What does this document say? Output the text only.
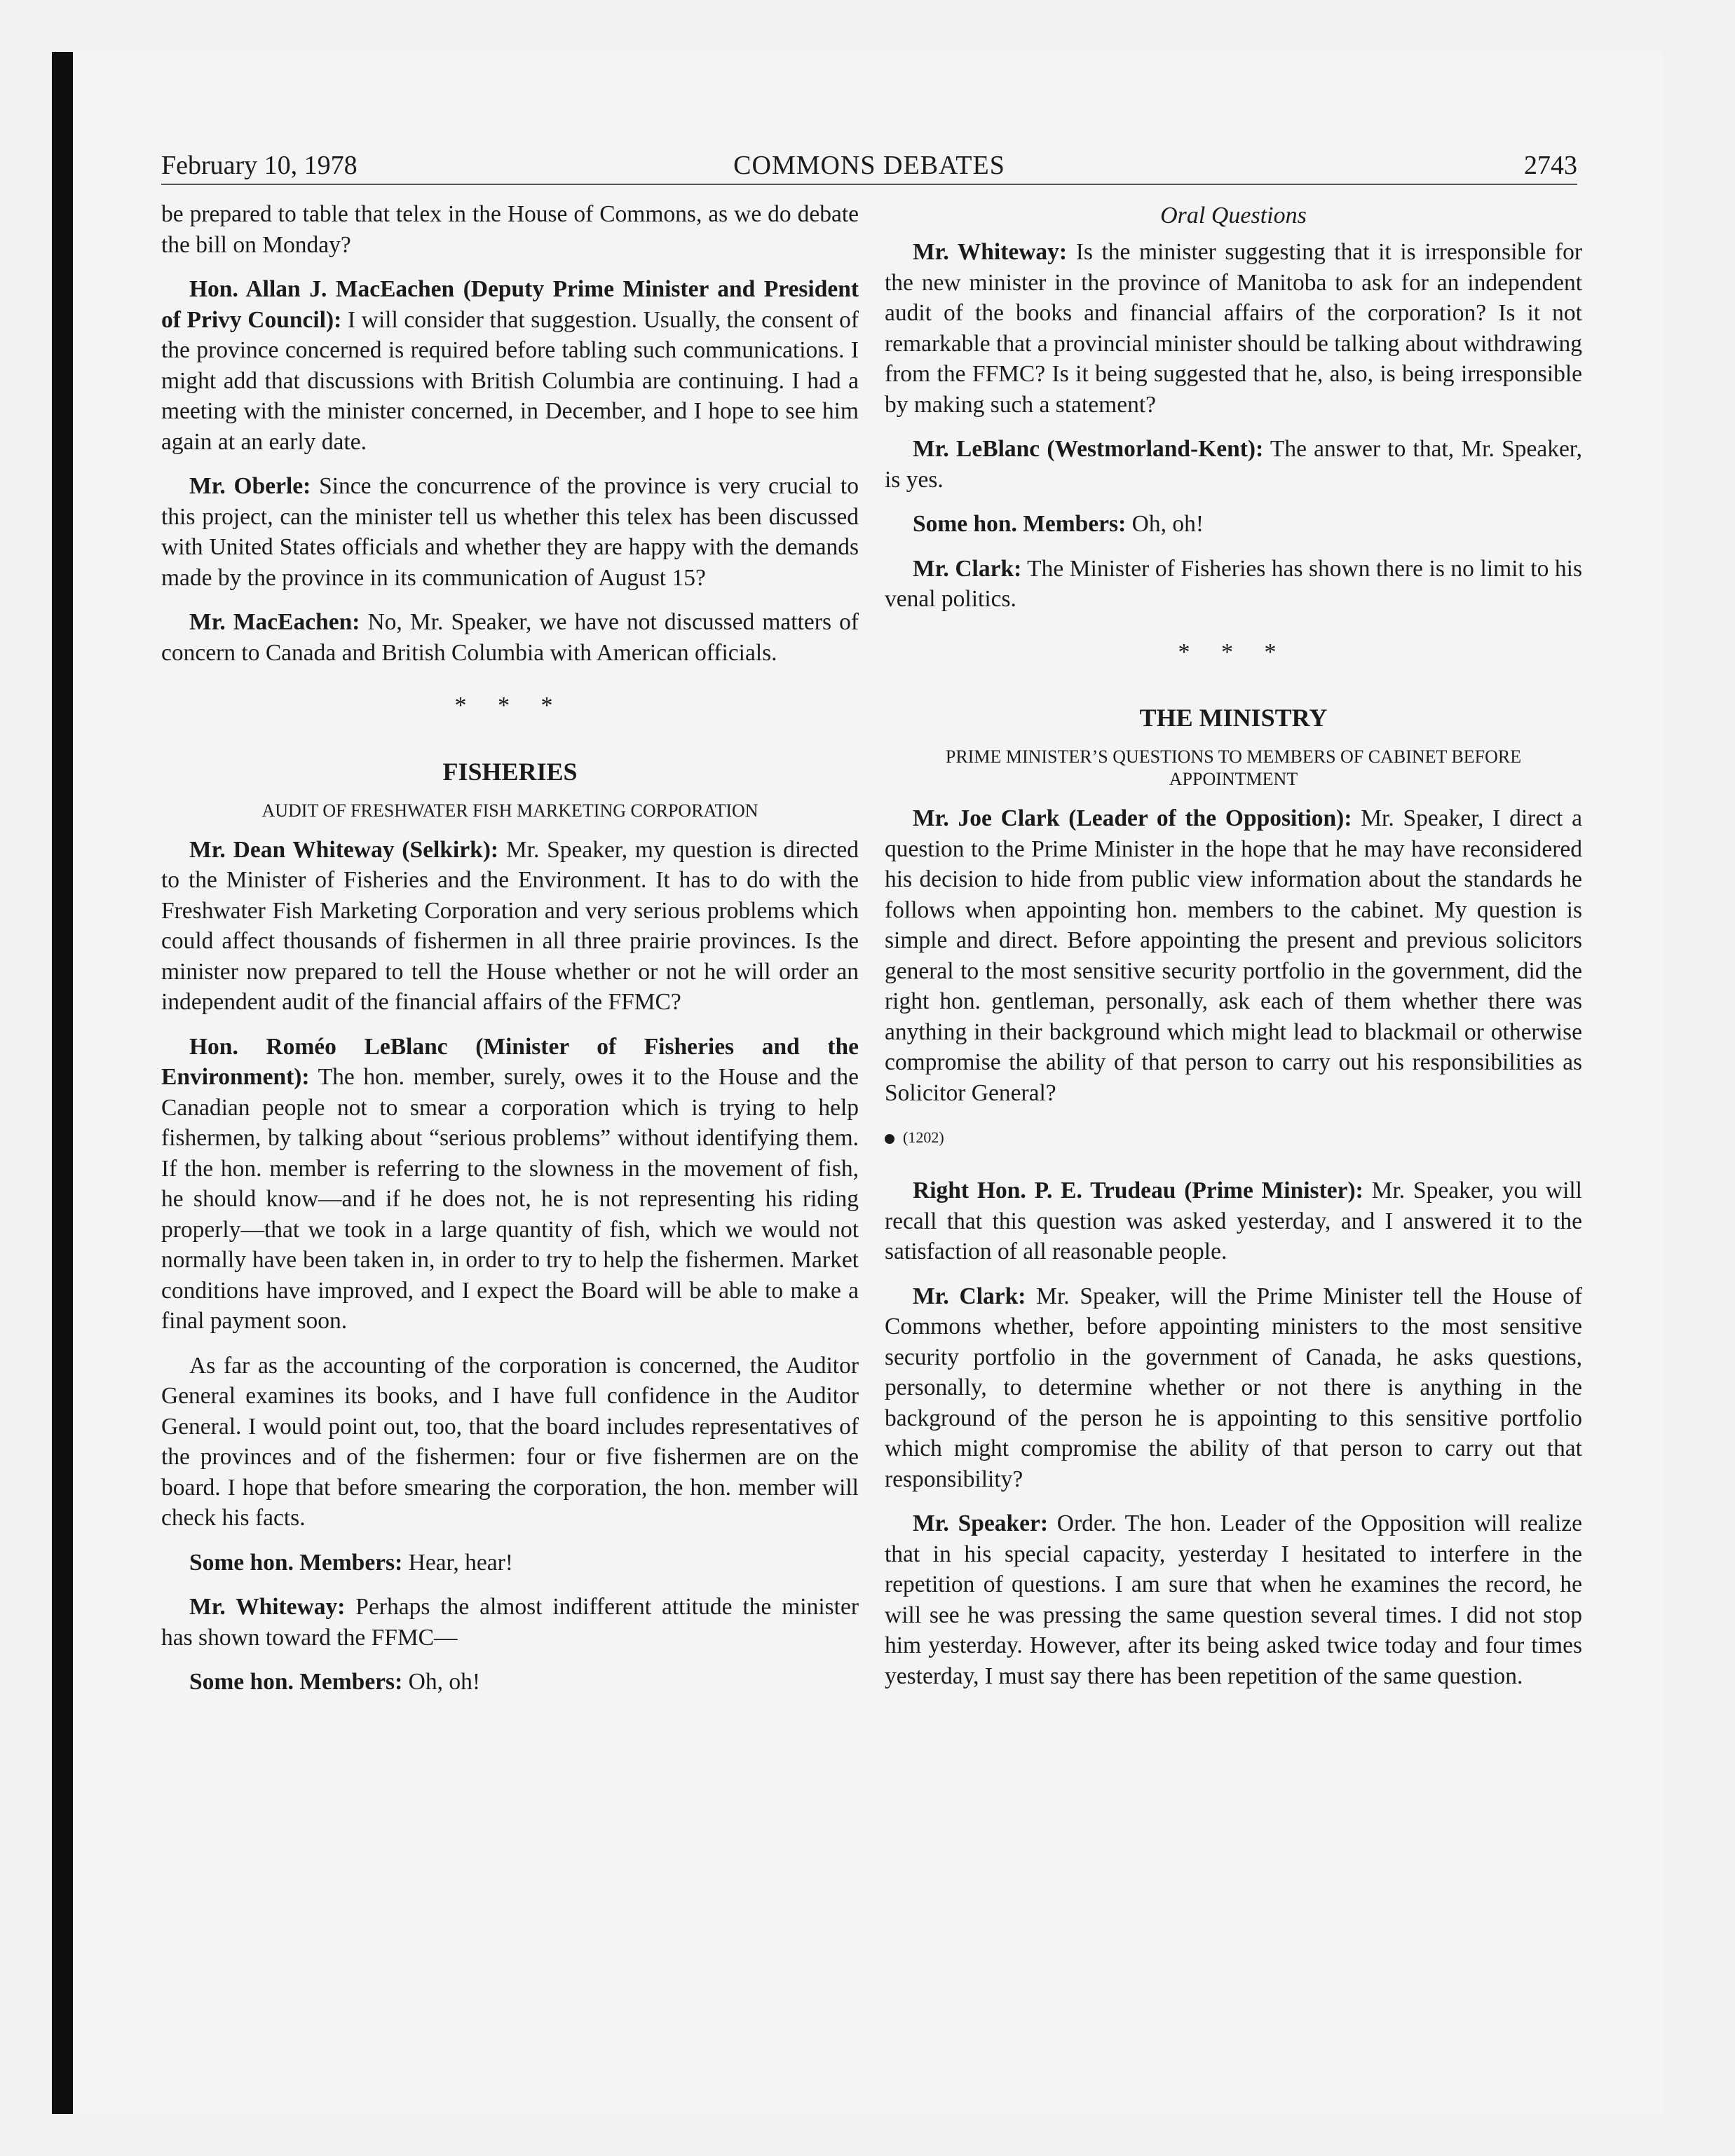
February 10, 1978	COMMONS DEBATES	2743

be prepared to table that telex in the House of Commons, as we do debate the bill on Monday?

Hon. Allan J. MacEachen (Deputy Prime Minister and President of Privy Council): I will consider that suggestion. Usually, the consent of the province concerned is required before tabling such communications. I might add that discussions with British Columbia are continuing. I had a meeting with the minister concerned, in December, and I hope to see him again at an early date.

Mr. Oberle: Since the concurrence of the province is very crucial to this project, can the minister tell us whether this telex has been discussed with United States officials and whether they are happy with the demands made by the province in its communication of August 15?

Mr. MacEachen: No, Mr. Speaker, we have not discussed matters of concern to Canada and British Columbia with American officials.

* * *
FISHERIES
AUDIT OF FRESHWATER FISH MARKETING CORPORATION

Mr. Dean Whiteway (Selkirk): Mr. Speaker, my question is directed to the Minister of Fisheries and the Environment. It has to do with the Freshwater Fish Marketing Corporation and very serious problems which could affect thousands of fishermen in all three prairie provinces. Is the minister now prepared to tell the House whether or not he will order an independent audit of the financial affairs of the FFMC?

Hon. Roméo LeBlanc (Minister of Fisheries and the Environment): The hon. member, surely, owes it to the House and the Canadian people not to smear a corporation which is trying to help fishermen, by talking about “serious problems” without identifying them. If the hon. member is referring to the slowness in the movement of fish, he should know—and if he does not, he is not representing his riding properly—that we took in a large quantity of fish, which we would not normally have been taken in, in order to try to help the fishermen. Market conditions have improved, and I expect the Board will be able to make a final payment soon.

As far as the accounting of the corporation is concerned, the Auditor General examines its books, and I have full confidence in the Auditor General. I would point out, too, that the board includes representatives of the provinces and of the fishermen: four or five fishermen are on the board. I hope that before smearing the corporation, the hon. member will check his facts.

Some hon. Members: Hear, hear!

Mr. Whiteway: Perhaps the almost indifferent attitude the minister has shown toward the FFMC—

Some hon. Members: Oh, oh!

Oral Questions

Mr. Whiteway: Is the minister suggesting that it is irresponsible for the new minister in the province of Manitoba to ask for an independent audit of the books and financial affairs of the corporation? Is it not remarkable that a provincial minister should be talking about withdrawing from the FFMC? Is it being suggested that he, also, is being irresponsible by making such a statement?

Mr. LeBlanc (Westmorland-Kent): The answer to that, Mr. Speaker, is yes.

Some hon. Members: Oh, oh!

Mr. Clark: The Minister of Fisheries has shown there is no limit to his venal politics.

* * *
THE MINISTRY
PRIME MINISTER’S QUESTIONS TO MEMBERS OF CABINET BEFORE APPOINTMENT

Mr. Joe Clark (Leader of the Opposition): Mr. Speaker, I direct a question to the Prime Minister in the hope that he may have reconsidered his decision to hide from public view information about the standards he follows when appointing hon. members to the cabinet. My question is simple and direct. Before appointing the present and previous solicitors general to the most sensitive security portfolio in the government, did the right hon. gentleman, personally, ask each of them whether there was anything in their background which might lead to blackmail or otherwise compromise the ability of that person to carry out his responsibilities as Solicitor General?

(1202)

Right Hon. P. E. Trudeau (Prime Minister): Mr. Speaker, you will recall that this question was asked yesterday, and I answered it to the satisfaction of all reasonable people.

Mr. Clark: Mr. Speaker, will the Prime Minister tell the House of Commons whether, before appointing ministers to the most sensitive security portfolio in the government of Canada, he asks questions, personally, to determine whether or not there is anything in the background of the person he is appointing to this sensitive portfolio which might compromise the ability of that person to carry out that responsibility?

Mr. Speaker: Order. The hon. Leader of the Opposition will realize that in his special capacity, yesterday I hesitated to interfere in the repetition of questions. I am sure that when he examines the record, he will see he was pressing the same question several times. I did not stop him yesterday. However, after its being asked twice today and four times yesterday, I must say there has been repetition of the same question.
